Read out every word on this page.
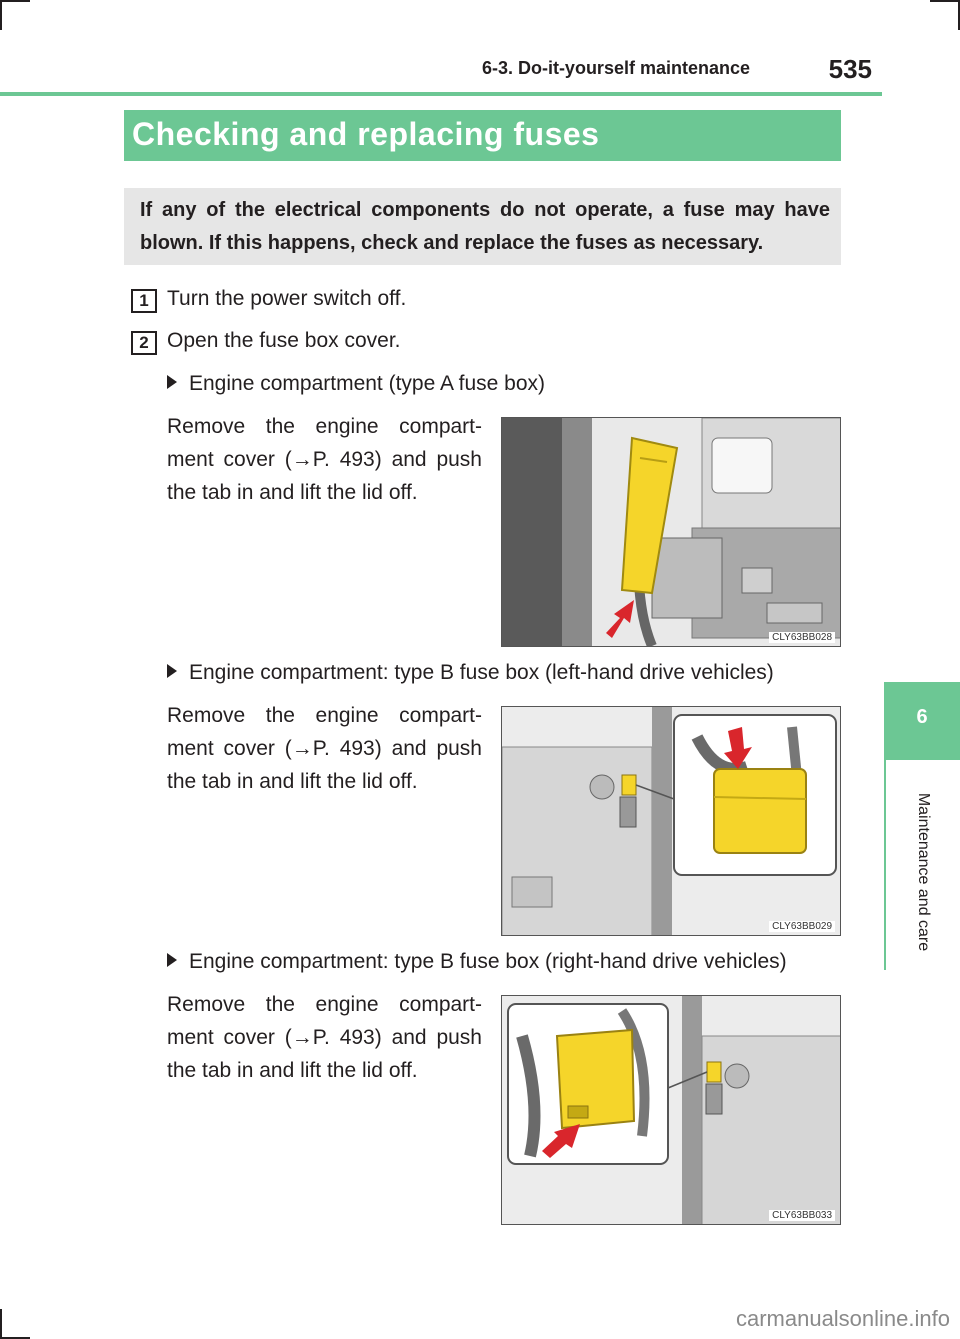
6-3. Do-it-yourself maintenance	535
6
Maintenance and care
Checking and replacing fuses
If any of the electrical components do not operate, a fuse may have blown. If this happens, check and replace the fuses as necessary.
1 Turn the power switch off.
2 Open the fuse box cover.
Engine compartment (type A fuse box)
Remove the engine compart-ment cover (→P. 493) and push the tab in and lift the lid off.
CLY63BB028
Engine compartment: type B fuse box (left-hand drive vehicles)
Remove the engine compart-ment cover (→P. 493) and push the tab in and lift the lid off.
CLY63BB029
Engine compartment: type B fuse box (right-hand drive vehicles)
Remove the engine compart-ment cover (→P. 493) and push the tab in and lift the lid off.
CLY63BB033
carmanualsonline.info
